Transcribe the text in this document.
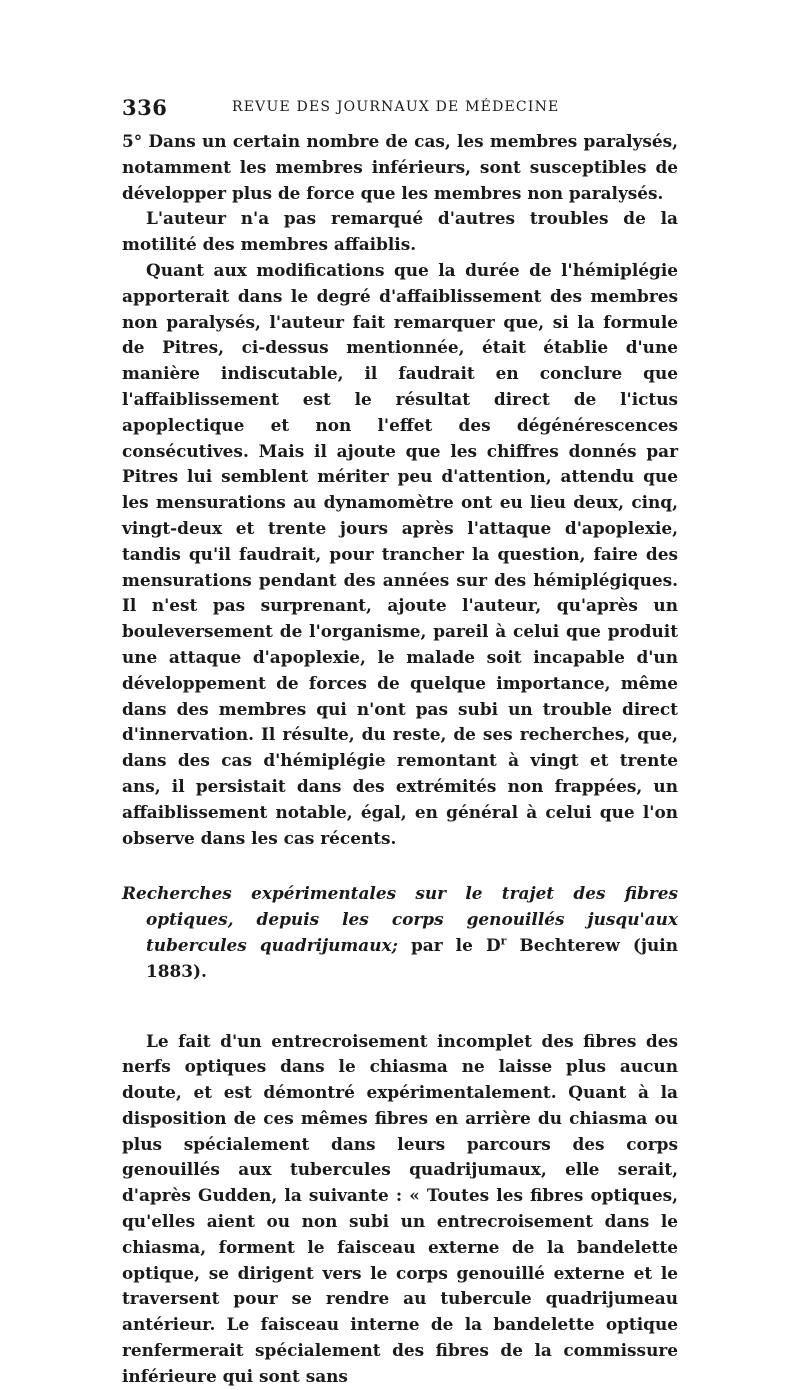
336	REVUE DES JOURNAUX DE MÉDECINE

5° Dans un certain nombre de cas, les membres paralysés, notamment les membres inférieurs, sont susceptibles de développer plus de force que les membres non paralysés.

L'auteur n'a pas remarqué d'autres troubles de la motilité des membres affaiblis.

Quant aux modifications que la durée de l'hémiplégie apporterait dans le degré d'affaiblissement des membres non paralysés, l'auteur fait remarquer que, si la formule de Pitres, ci-dessus mentionnée, était établie d'une manière indiscutable, il faudrait en conclure que l'affaiblissement est le résultat direct de l'ictus apoplectique et non l'effet des dégénérescences consécutives. Mais il ajoute que les chiffres donnés par Pitres lui semblent mériter peu d'attention, attendu que les mensurations au dynamomètre ont eu lieu deux, cinq, vingt-deux et trente jours après l'attaque d'apoplexie, tandis qu'il faudrait, pour trancher la question, faire des mensurations pendant des années sur des hémiplégiques. Il n'est pas surprenant, ajoute l'auteur, qu'après un bouleversement de l'organisme, pareil à celui que produit une attaque d'apoplexie, le malade soit incapable d'un développement de forces de quelque importance, même dans des membres qui n'ont pas subi un trouble direct d'innervation. Il résulte, du reste, de ses recherches, que, dans des cas d'hémiplégie remontant à vingt et trente ans, il persistait dans des extrémités non frappées, un affaiblissement notable, égal, en général à celui que l'on observe dans les cas récents.

Recherches expérimentales sur le trajet des fibres optiques, depuis les corps genouillés jusqu'aux tubercules quadrijumaux; par le $D^r$ Bechterew (juin 1883).

Le fait d'un entrecroisement incomplet des fibres des nerfs optiques dans le chiasma ne laisse plus aucun doute, et est démontré expérimentalement. Quant à la disposition de ces mêmes fibres en arrière du chiasma ou plus spécialement dans leurs parcours des corps genouillés aux tubercules quadrijumaux, elle serait, d'après Gudden, la suivante : « Toutes les fibres optiques, qu'elles aient ou non subi un entrecroisement dans le chiasma, forment le faisceau externe de la bandelette optique, se dirigent vers le corps genouillé externe et le traversent pour se rendre au tubercule quadrijumeau antérieur. Le faisceau interne de la bandelette optique renfermerait spécialement des fibres de la commissure inférieure qui sont sans
